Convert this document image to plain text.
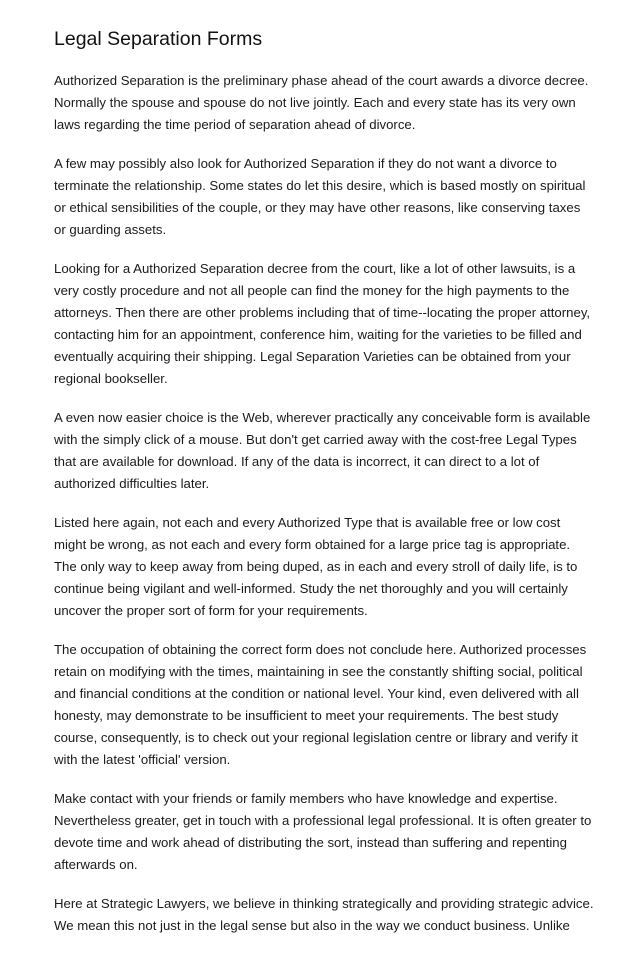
Legal Separation Forms

Authorized Separation is the preliminary phase ahead of the court awards a divorce decree. Normally the spouse and spouse do not live jointly. Each and every state has its very own laws regarding the time period of separation ahead of divorce.

A few may possibly also look for Authorized Separation if they do not want a divorce to terminate the relationship. Some states do let this desire, which is based mostly on spiritual or ethical sensibilities of the couple, or they may have other reasons, like conserving taxes or guarding assets.

Looking for a Authorized Separation decree from the court, like a lot of other lawsuits, is a very costly procedure and not all people can find the money for the high payments to the attorneys. Then there are other problems including that of time--locating the proper attorney, contacting him for an appointment, conference him, waiting for the varieties to be filled and eventually acquiring their shipping. Legal Separation Varieties can be obtained from your regional bookseller.

A even now easier choice is the Web, wherever practically any conceivable form is available with the simply click of a mouse. But don't get carried away with the cost-free Legal Types that are available for download. If any of the data is incorrect, it can direct to a lot of authorized difficulties later.

Listed here again, not each and every Authorized Type that is available free or low cost might be wrong, as not each and every form obtained for a large price tag is appropriate. The only way to keep away from being duped, as in each and every stroll of daily life, is to continue being vigilant and well-informed. Study the net thoroughly and you will certainly uncover the proper sort of form for your requirements.

The occupation of obtaining the correct form does not conclude here. Authorized processes retain on modifying with the times, maintaining in see the constantly shifting social, political and financial conditions at the condition or national level. Your kind, even delivered with all honesty, may demonstrate to be insufficient to meet your requirements. The best study course, consequently, is to check out your regional legislation centre or library and verify it with the latest 'official' version.

Make contact with your friends or family members who have knowledge and expertise. Nevertheless greater, get in touch with a professional legal professional. It is often greater to devote time and work ahead of distributing the sort, instead than suffering and repenting afterwards on.

Here at Strategic Lawyers, we believe in thinking strategically and providing strategic advice. We mean this not just in the legal sense but also in the way we conduct business. Unlike
